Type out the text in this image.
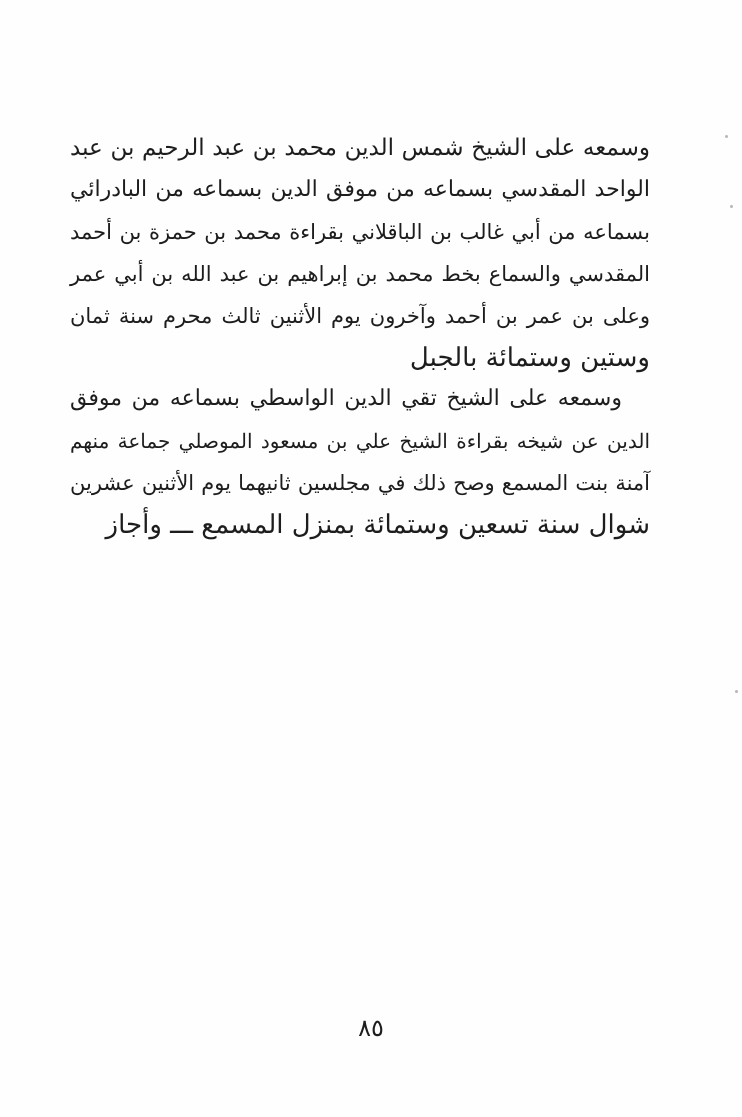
وسمعه على الشيخ شمس الدين محمد بن عبد الرحيم بن عبد
الواحد المقدسي بسماعه من موفق الدين بسماعه من البادرائي
بسماعه من أبي غالب بن الباقلاني بقراءة محمد بن حمزة بن أحمد
المقدسي والسماع بخط محمد بن إبراهيم بن عبد الله بن أبي عمر
وعلى بن عمر بن أحمد وآخرون يوم الأثنين ثالث محرم سنة ثمان
وستين وستمائة بالجبل
وسمعه على الشيخ تقي الدين الواسطي بسماعه من موفق
الدين عن شيخه بقراءة الشيخ علي بن مسعود الموصلي جماعة منهم
آمنة بنت المسمع وصح ذلك في مجلسين ثانيهما يوم الأثنين عشرين
شوال سنة تسعين وستمائة بمنزل المسمع ـــ وأجاز
٨٥
